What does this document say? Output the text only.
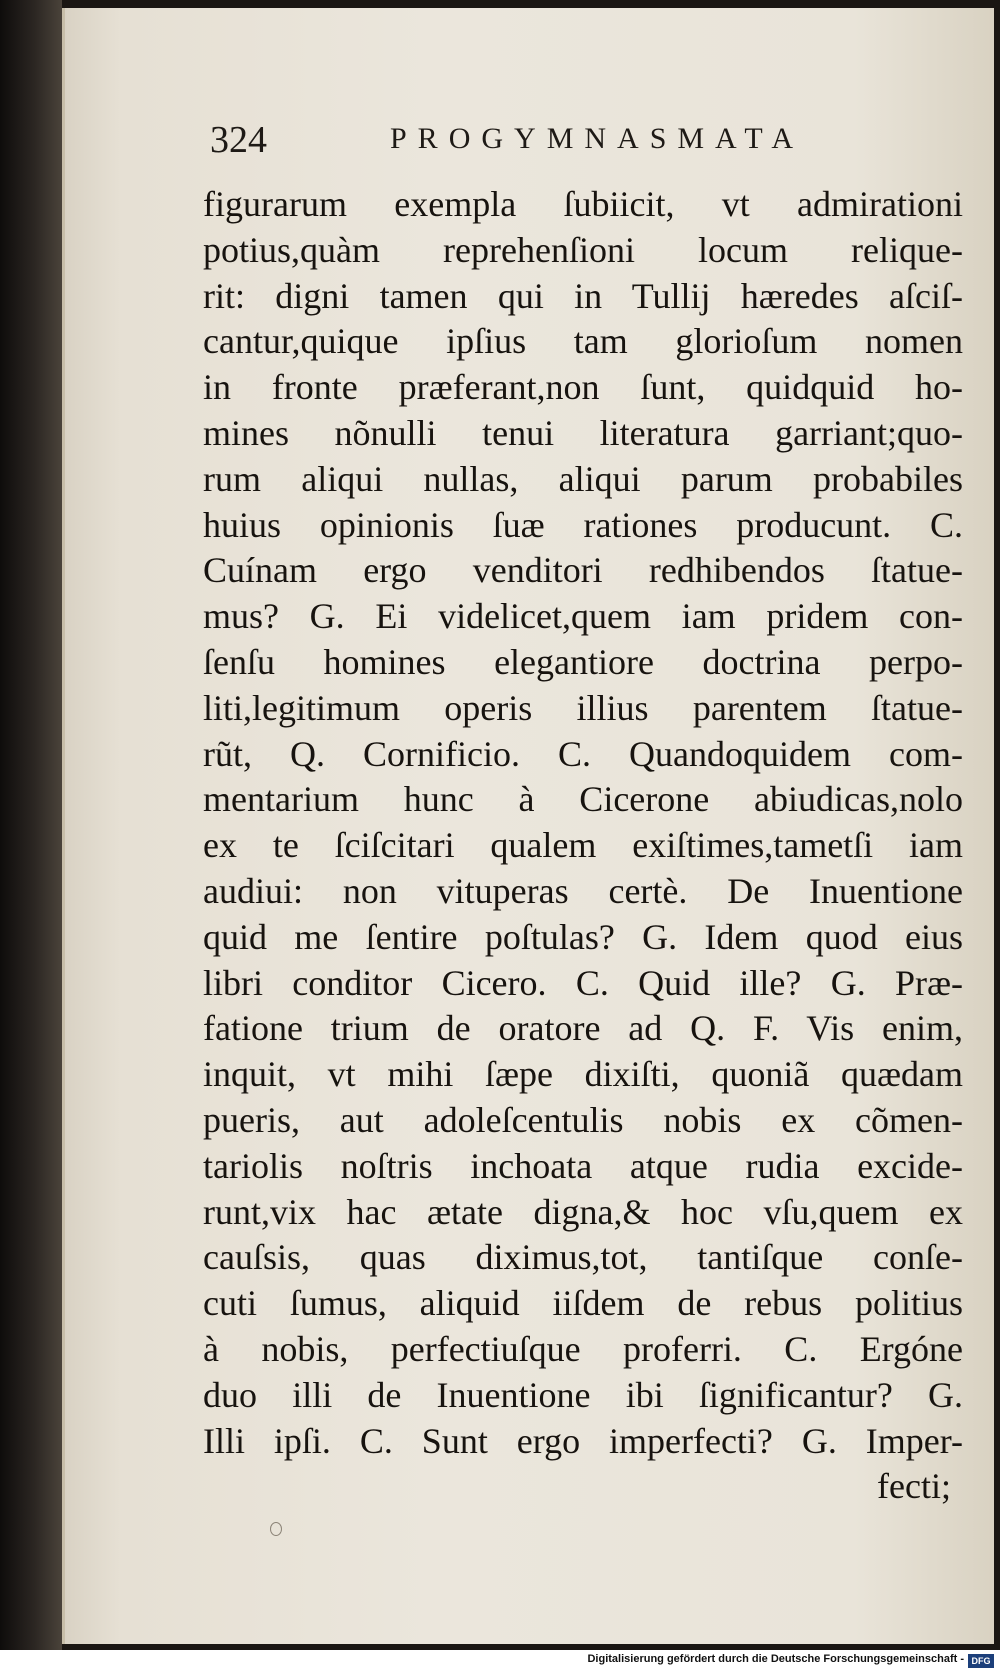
324	PROGYMNASMATA
figurarum exempla ſubiicit, vt admirationi
potius,quàm reprehenſioni locum relique-
rit: digni tamen qui in Tullij hæredes aſciſ-
cantur,quique ipſius tam glorioſum nomen
in fronte præferant,non ſunt, quidquid ho-
mines nõnulli tenui literatura garriant;quo-
rum aliqui nullas, aliqui parum probabiles
huius opinionis ſuæ rationes producunt. C.
Cuínam ergo venditori redhibendos ſtatue-
mus? G. Ei videlicet,quem iam pridem con-
ſenſu homines elegantiore doctrina perpo-
liti,legitimum operis illius parentem ſtatue-
rũt, Q. Cornificio. C. Quandoquidem com-
mentarium hunc à Cicerone abiudicas,nolo
ex te ſciſcitari qualem exiſtimes,tametſi iam
audiui: non vituperas certè. De Inuentione
quid me ſentire poſtulas? G. Idem quod eius
libri conditor Cicero. C. Quid ille? G. Præ-
fatione trium de oratore ad Q. F. Vis enim,
inquit, vt mihi ſæpe dixiſti, quoniã quædam
pueris, aut adoleſcentulis nobis ex cõmen-
tariolis noſtris inchoata atque rudia excide-
runt,vix hac ætate digna,& hoc vſu,quem ex
cauſsis, quas diximus,tot, tantiſque conſe-
cuti ſumus, aliquid iiſdem de rebus politius
à nobis, perfectiuſque proferri. C. Ergóne
duo illi de Inuentione ibi ſignificantur? G.
Illi ipſi. C. Sunt ergo imperfecti? G. Imper-
fecti;
Digitalisierung gefördert durch die Deutsche Forschungsgemeinschaft - DFG
